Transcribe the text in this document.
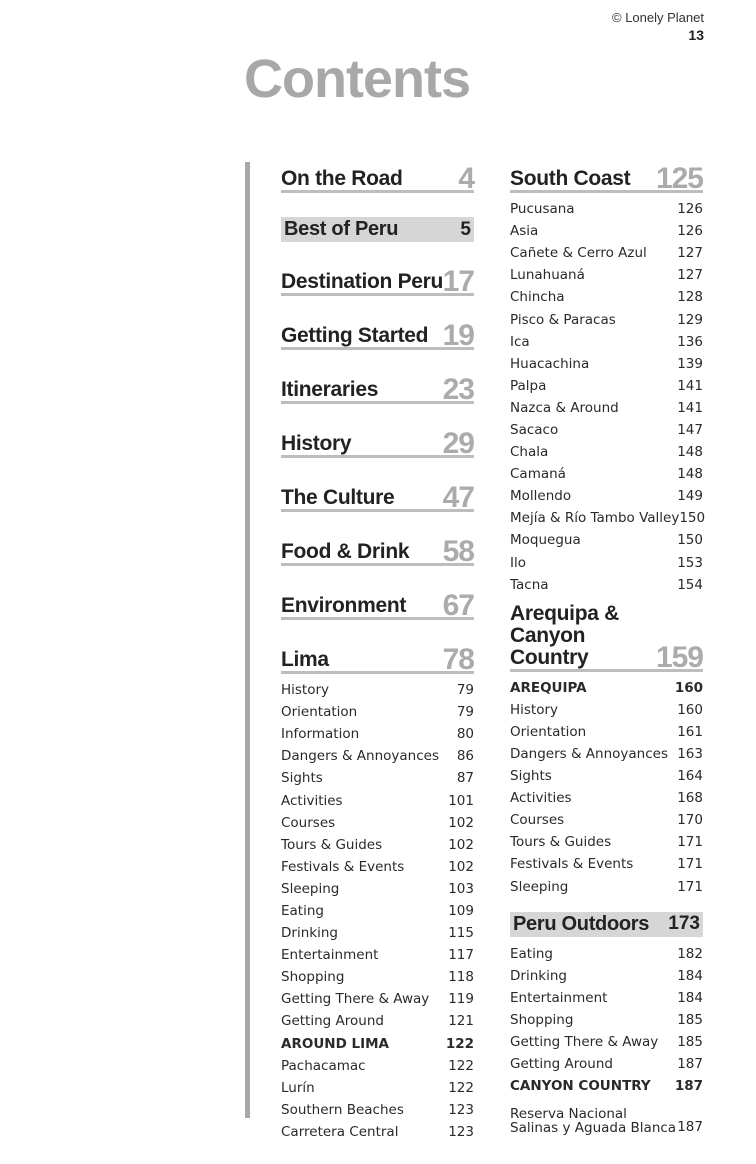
© Lonely Planet
13
Contents
On the Road 4
Best of Peru	5
Destination Peru 17
Getting Started 19
Itineraries 23
History	29
The Culture 47
Food & Drink 58
Environment 67
Lima	78
History	79
Orientation	79
Information	80
Dangers & Annoyances 86
Sights	87
Activities	101
Courses	102
Tours & Guides	102
Festivals & Events	102
Sleeping	103
Eating	109
Drinking	115
Entertainment	117
Shopping	118
Getting There & Away 119
Getting Around	121
AROUND LIMA	122
Pachacamac	122
Lurín	122
Southern Beaches	123
Carretera Central	123
South Coast 125
Pucusana	126
Asia	126
Cañete & Cerro Azul 127
Lunahuaná	127
Chincha	128
Pisco & Paracas	129
Ica	136
Huacachina	139
Palpa	141
Nazca & Around	141
Sacaco	147
Chala	148
Camaná	148
Mollendo	149
Mejía & Río Tambo Valley 150
Moquegua	150
Ilo	153
Tacna	154
Arequipa & Canyon Country	159
AREQUIPA	160
History	160
Orientation	161
Dangers & Annoyances 163
Sights	164
Activities	168
Courses	170
Tours & Guides	171
Festivals & Events	171
Sleeping	171
Peru Outdoors 173
Eating	182
Drinking	184
Entertainment	184
Shopping	185
Getting There & Away 185
Getting Around	187
CANYON COUNTRY 187
Reserva Nacional Salinas y Aguada Blanca 187
